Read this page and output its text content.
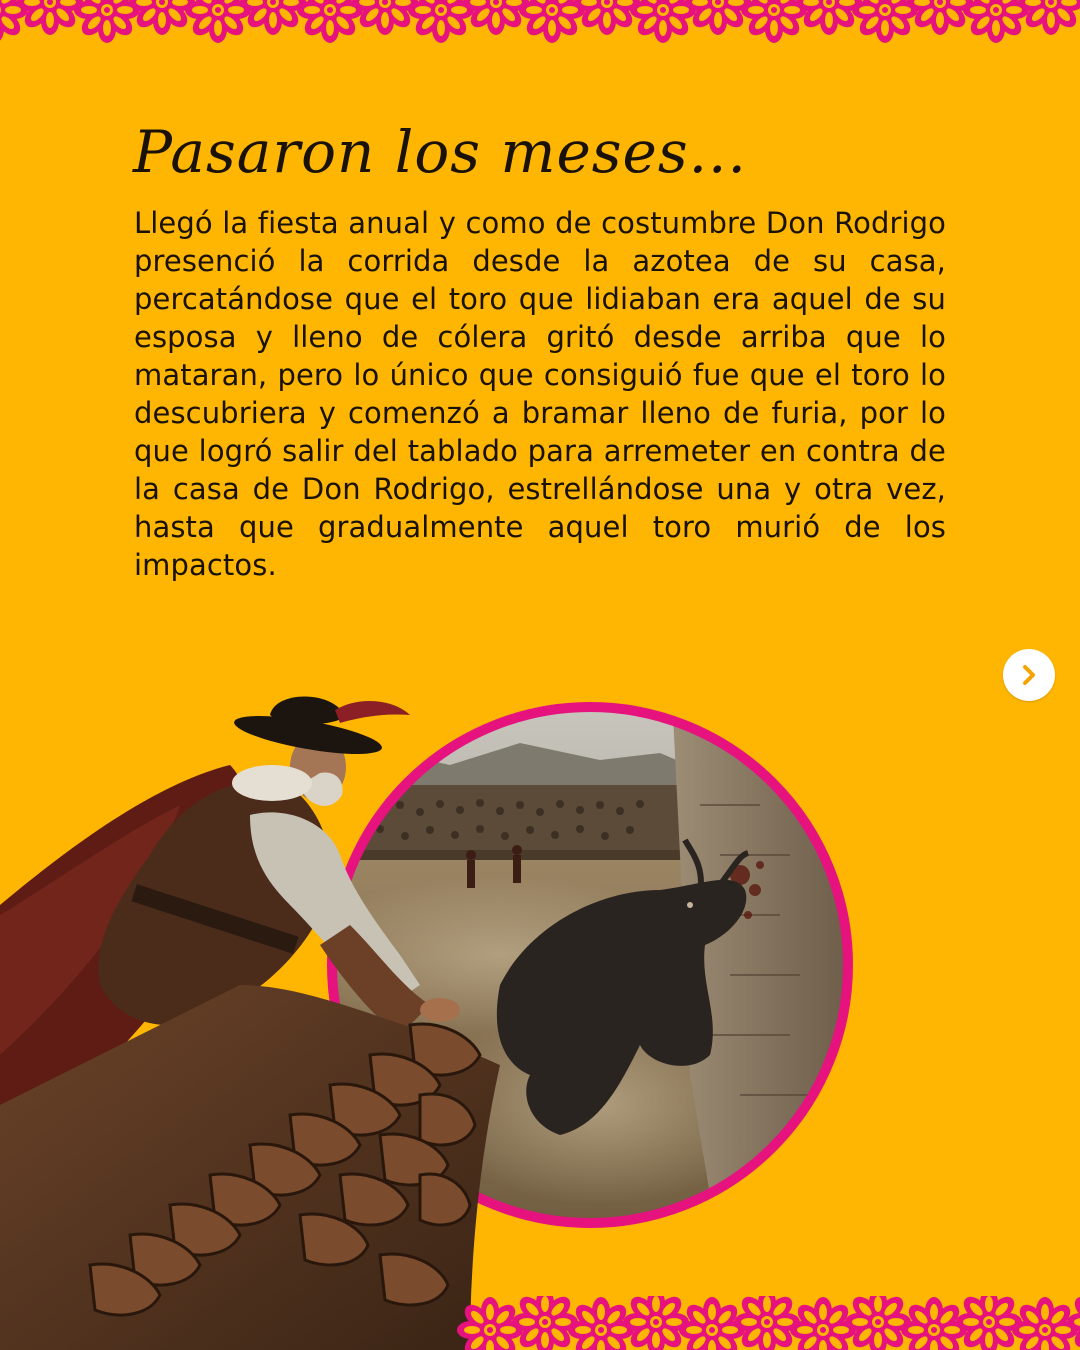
Pasaron los meses...

Llegó la fiesta anual y como de costumbre Don Rodrigo presenció la corrida desde la azotea de su casa, percatándose que el toro que lidiaban era aquel de su esposa y lleno de cólera gritó desde arriba que lo mataran, pero lo único que consiguió fue que el toro lo descubriera y comenzó a bramar lleno de furia, por lo que logró salir del tablado para arremeter en contra de la casa de Don Rodrigo, estrellándose una y otra vez, hasta que gradualmente aquel toro murió de los impactos.
